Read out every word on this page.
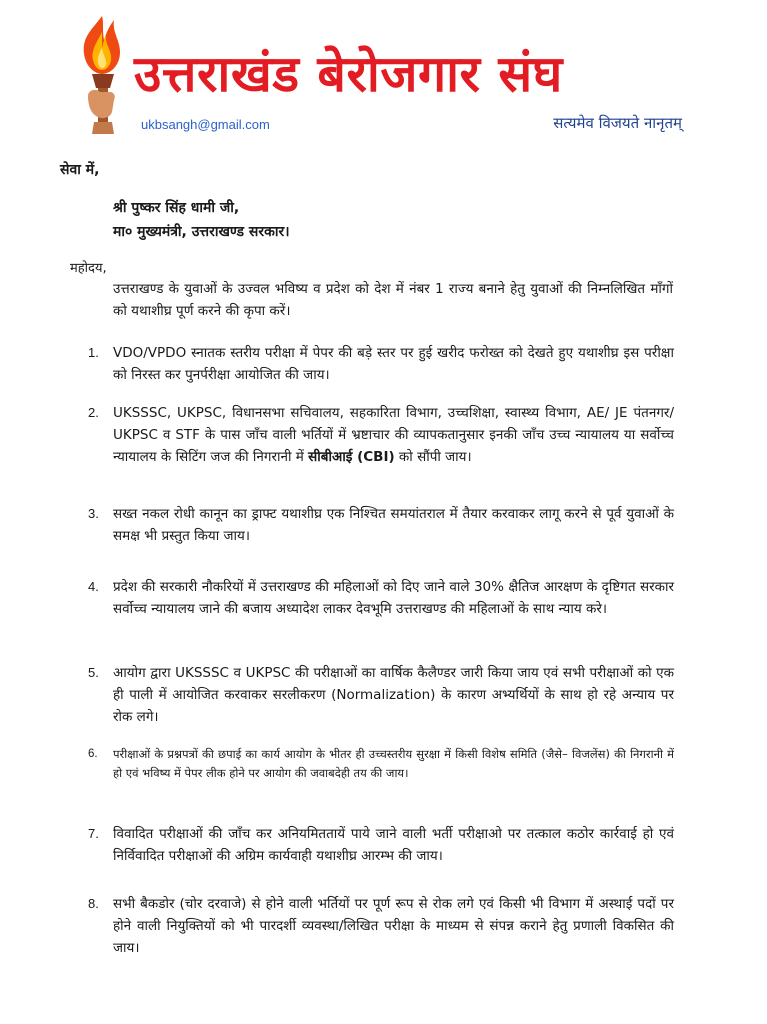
उत्तराखंड बेरोजगार संघ
ukbsangh@gmail.com	सत्यमेव विजयते नानृतम्
सेवा में,
श्री पुष्कर सिंह धामी जी,
मा० मुख्यमंत्री, उत्तराखण्ड सरकार।
महोदय,
उत्तराखण्ड के युवाओं के उज्वल भविष्य व प्रदेश को देश में नंबर 1 राज्य बनाने हेतु युवाओं की निम्नलिखित माँगों को यथाशीघ्र पूर्ण करने की कृपा करें।
1. VDO/VPDO स्नातक स्तरीय परीक्षा में पेपर की बड़े स्तर पर हुई खरीद फरोख्त को देखते हुए यथाशीघ्र इस परीक्षा को निरस्त कर पुनर्परीक्षा आयोजित की जाय।
2. UKSSSC, UKPSC, विधानसभा सचिवालय, सहकारिता विभाग, उच्चशिक्षा, स्वास्थ्य विभाग, AE/ JE पंतनगर/ UKPSC व STF के पास जाँच वाली भर्तियों में भ्रष्टाचार की व्यापकतानुसार इनकी जाँच उच्च न्यायालय या सर्वोच्च न्यायालय के सिटिंग जज की निगरानी में सीबीआई (CBI) को सौंपी जाय।
3. सख्त नकल रोधी कानून का ड्राफ्ट यथाशीघ्र एक निश्चित समयांतराल में तैयार करवाकर लागू करने से पूर्व युवाओं के समक्ष भी प्रस्तुत किया जाय।
4. प्रदेश की सरकारी नौकरियों में उत्तराखण्ड की महिलाओं को दिए जाने वाले 30% क्षैतिज आरक्षण के दृष्टिगत सरकार सर्वोच्च न्यायालय जाने की बजाय अध्यादेश लाकर देवभूमि उत्तराखण्ड की महिलाओं के साथ न्याय करे।
5. आयोग द्वारा UKSSSC व UKPSC की परीक्षाओं का वार्षिक कैलैण्डर जारी किया जाय एवं सभी परीक्षाओं को एक ही पाली में आयोजित करवाकर सरलीकरण (Normalization) के कारण अभ्यर्थियों के साथ हो रहे अन्याय पर रोक लगे।
6. परीक्षाओं के प्रश्नपत्रों की छपाई का कार्य आयोग के भीतर ही उच्चस्तरीय सुरक्षा में किसी विशेष समिति (जैसे– विजलेंस) की निगरानी में हो एवं भविष्य में पेपर लीक होने पर आयोग की जवाबदेही तय की जाय।
7. विवादित परीक्षाओं की जाँच कर अनियमिततायें पाये जाने वाली भर्ती परीक्षाओ पर तत्काल कठोर कार्रवाई हो एवं निर्विवादित परीक्षाओं की अग्रिम कार्यवाही यथाशीघ्र आरम्भ की जाय।
8. सभी बैकडोर (चोर दरवाजे) से होने वाली भर्तियों पर पूर्ण रूप से रोक लगे एवं किसी भी विभाग में अस्थाई पदों पर होने वाली नियुक्तियों को भी पारदर्शी व्यवस्था/लिखित परीक्षा के माध्यम से संपन्न कराने हेतु प्रणाली विकसित की जाय।
